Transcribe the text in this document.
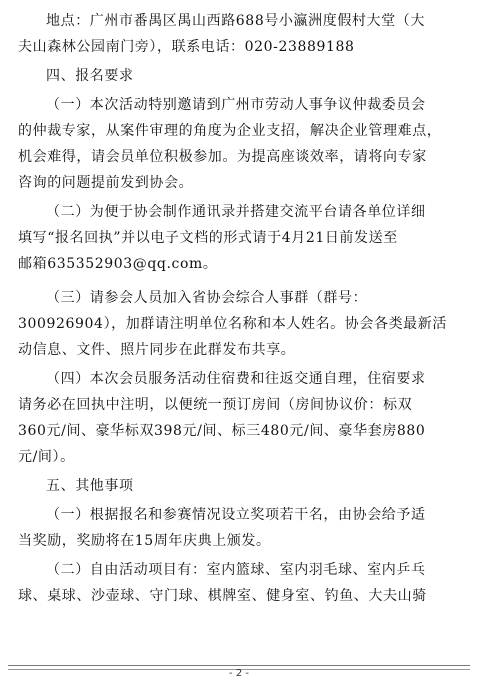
地点：广州市番禺区禺山西路688号小瀛洲度假村大堂（大
夫山森林公园南门旁），联系电话：020-23889188
四、报名要求
（一）本次活动特别邀请到广州市劳动人事争议仲裁委员会
的仲裁专家，从案件审理的角度为企业支招，解决企业管理难点，
机会难得，请会员单位积极参加。为提高座谈效率，请将向专家
咨询的问题提前发到协会。
（二）为便于协会制作通讯录并搭建交流平台请各单位详细
填写“报名回执”并以电子文档的形式请于4月21日前发送至
邮箱635352903@qq.com。
（三）请参会人员加入省协会综合人事群（群号：
300926904），加群请注明单位名称和本人姓名。协会各类最新活
动信息、文件、照片同步在此群发布共享。
（四）本次会员服务活动住宿费和往返交通自理，住宿要求
请务必在回执中注明，以便统一预订房间（房间协议价：标双
360元/间、豪华标双398元/间、标三480元/间、豪华套房880
元/间）。
五、其他事项
（一）根据报名和参赛情况设立奖项若干名，由协会给予适
当奖励，奖励将在15周年庆典上颁发。
（二）自由活动项目有：室内篮球、室内羽毛球、室内乒乓
球、桌球、沙壶球、守门球、棋牌室、健身室、钓鱼、大夫山骑
- 2 -
